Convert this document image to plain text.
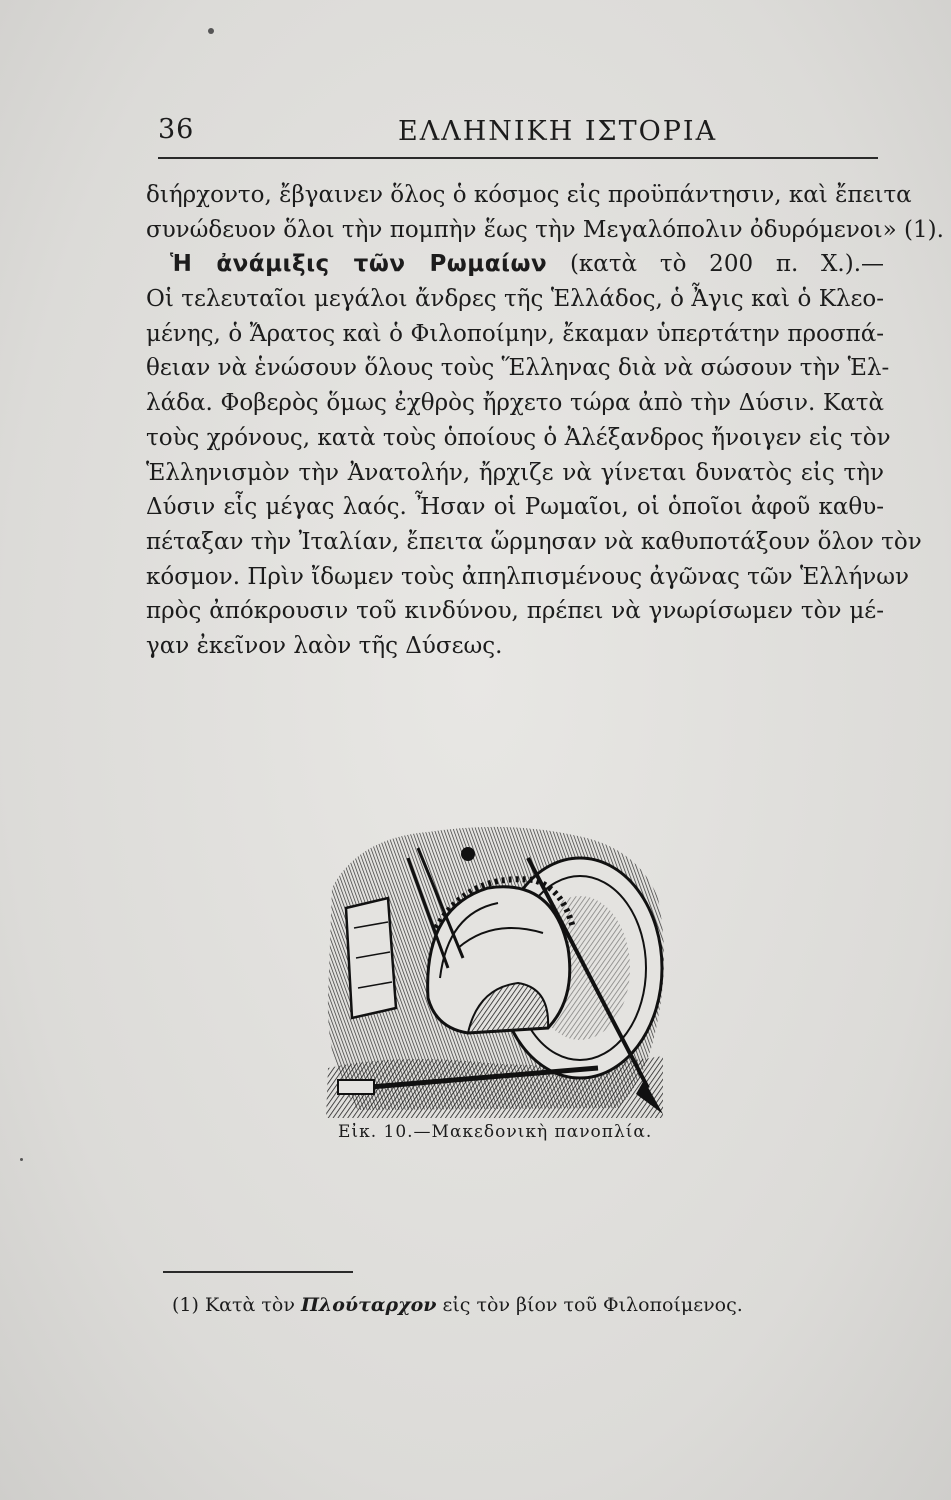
36	ΕΛΛΗΝΙΚΗ ΙΣΤΟΡΙΑ
διήρχοντο, ἔβγαινεν ὅλος ὁ κόσμος εἰς προϋπάντησιν, καὶ ἔπειτα
συνώδευον ὅλοι τὴν πομπὴν ἕως τὴν Μεγαλόπολιν ὀδυρόμενοι» (1).
Ἡ ἀνάμιξις τῶν Ρωμαίων (κατὰ τὸ 200 π. Χ.).—
Οἱ τελευταῖοι μεγάλοι ἄνδρες τῆς Ἑλλάδος, ὁ Ἆγις καὶ ὁ Κλεο-
μένης, ὁ Ἄρατος καὶ ὁ Φιλοποίμην, ἔκαμαν ὑπερτάτην προσπά-
θειαν νὰ ἑνώσουν ὅλους τοὺς Ἕλληνας διὰ νὰ σώσουν τὴν Ἑλ-
λάδα. Φοβερὸς ὅμως ἐχθρὸς ἤρχετο τώρα ἀπὸ τὴν Δύσιν. Κατὰ
τοὺς χρόνους, κατὰ τοὺς ὁποίους ὁ Ἀλέξανδρος ἤνοιγεν εἰς τὸν
Ἑλληνισμὸν τὴν Ἀνατολήν, ἤρχιζε νὰ γίνεται δυνατὸς εἰς τὴν
Δύσιν εἷς μέγας λαός. Ἦσαν οἱ Ρωμαῖοι, οἱ ὁποῖοι ἀφοῦ καθυ-
πέταξαν τὴν Ἰταλίαν, ἔπειτα ὥρμησαν νὰ καθυποτάξουν ὅλον τὸν
κόσμον. Πρὶν ἴδωμεν τοὺς ἀπηλπισμένους ἀγῶνας τῶν Ἑλλήνων
πρὸς ἀπόκρουσιν τοῦ κινδύνου, πρέπει νὰ γνωρίσωμεν τὸν μέ-
γαν ἐκεῖνον λαὸν τῆς Δύσεως.
Εἰκ. 10.—Μακεδονικὴ πανοπλία.
(1) Κατὰ τὸν Πλούταρχον εἰς τὸν βίον τοῦ Φιλοποίμενος.
